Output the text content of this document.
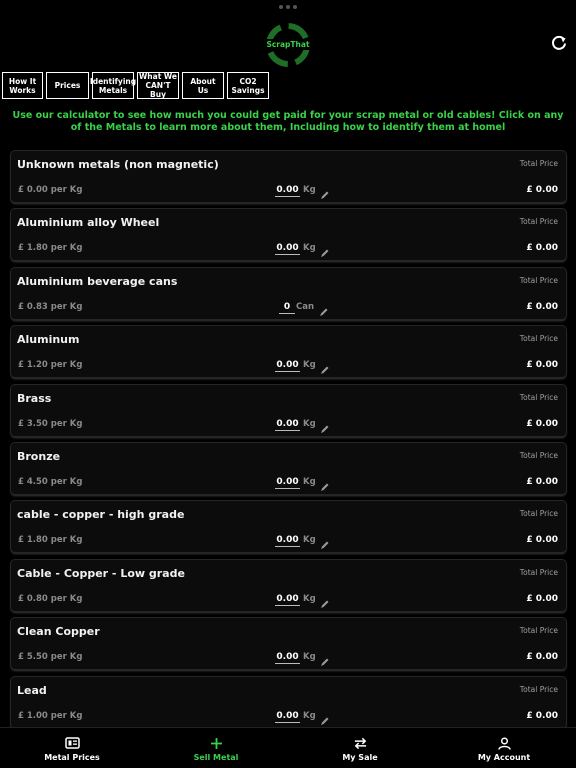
ScrapThat
How It
Works	Prices	Identifying
Metals
What We
CAN'T Buy
About
Us
CO2
Savings
Use our calculator to see how much you could get paid for your scrap metal or old cables! Click on any of the Metals to learn more about them, Including how to identify them at homel
Unknown metals (non magnetic)	Total Price
£ 0.00 per Kg	0.00 Kg	£ 0.00
Aluminium alloy Wheel	Total Price
£ 1.80 per Kg	0.00 Kg	£ 0.00
Aluminium beverage cans	Total Price
£ 0.83 per Kg	0 Can	£ 0.00
Aluminum	Total Price
£ 1.20 per Kg	0.00 Kg	£ 0.00
Brass	Total Price
£ 3.50 per Kg	0.00 Kg	£ 0.00
Bronze	Total Price
£ 4.50 per Kg	0.00 Kg	£ 0.00
cable - copper - high grade	Total Price
£ 1.80 per Kg	0.00 Kg	£ 0.00
Cable - Copper - Low grade	Total Price
£ 0.80 per Kg	0.00 Kg	£ 0.00
Clean Copper	Total Price
£ 5.50 per Kg	0.00 Kg	£ 0.00
Lead	Total Price
£ 1.00 per Kg	0.00 Kg	£ 0.00
Metal Prices	Sell Metal	My Sale	My Account
